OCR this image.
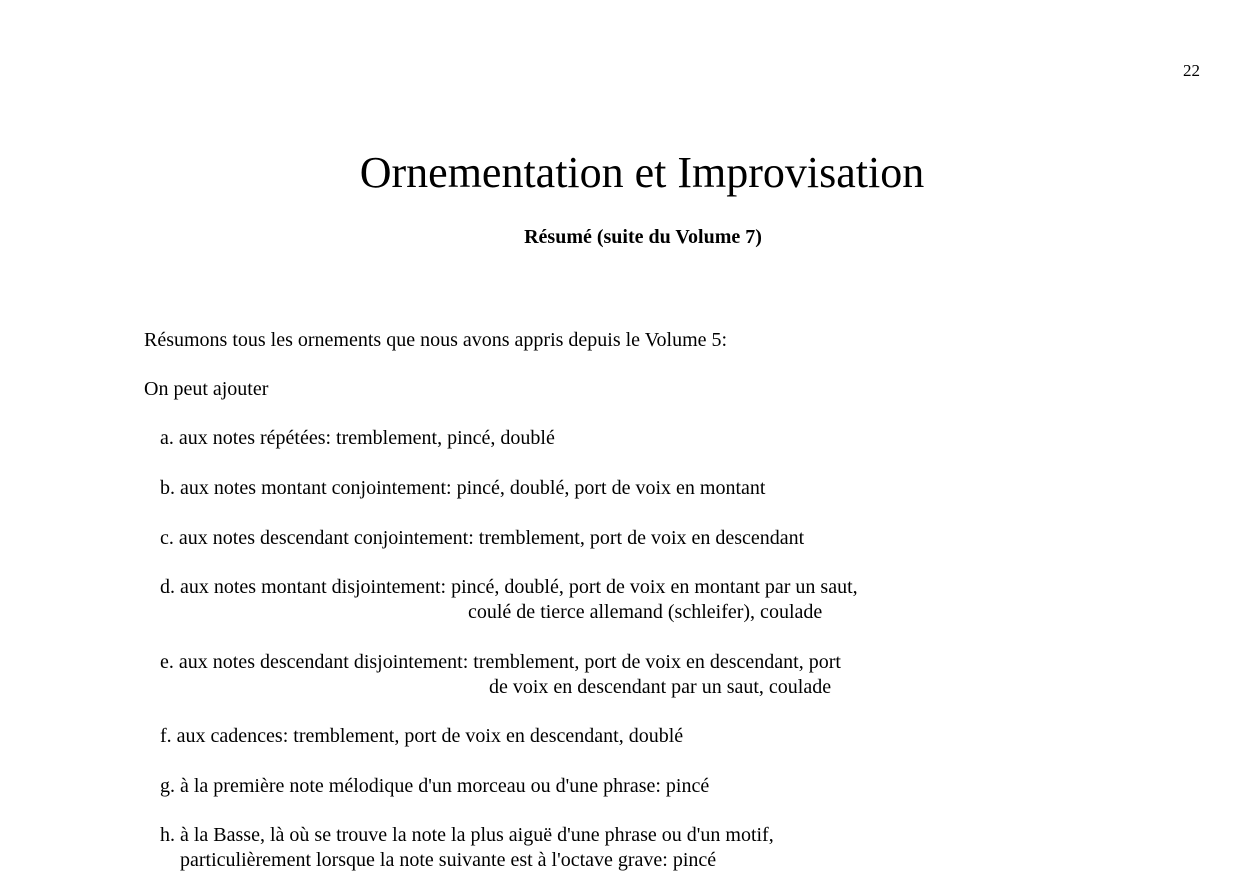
22
Ornementation et Improvisation
Résumé (suite du Volume 7)
Résumons tous les ornements que nous avons appris depuis le Volume 5:
On peut ajouter
a. aux notes répétées: tremblement, pincé, doublé
b. aux notes montant conjointement: pincé, doublé, port de voix en montant
c. aux notes descendant conjointement: tremblement, port de voix en descendant
d. aux notes montant disjointement: pincé, doublé, port de voix en montant par un saut,
coulé de tierce allemand (schleifer), coulade
e. aux notes descendant disjointement: tremblement, port de voix en descendant, port
de voix en descendant par un saut, coulade
f. aux cadences: tremblement, port de voix en descendant, doublé
g. à la première note mélodique d'un morceau ou d'une phrase: pincé
h. à la Basse, là où se trouve la note la plus aiguë d'une phrase ou d'un motif,
particulièrement lorsque la note suivante est à l'octave grave: pincé
